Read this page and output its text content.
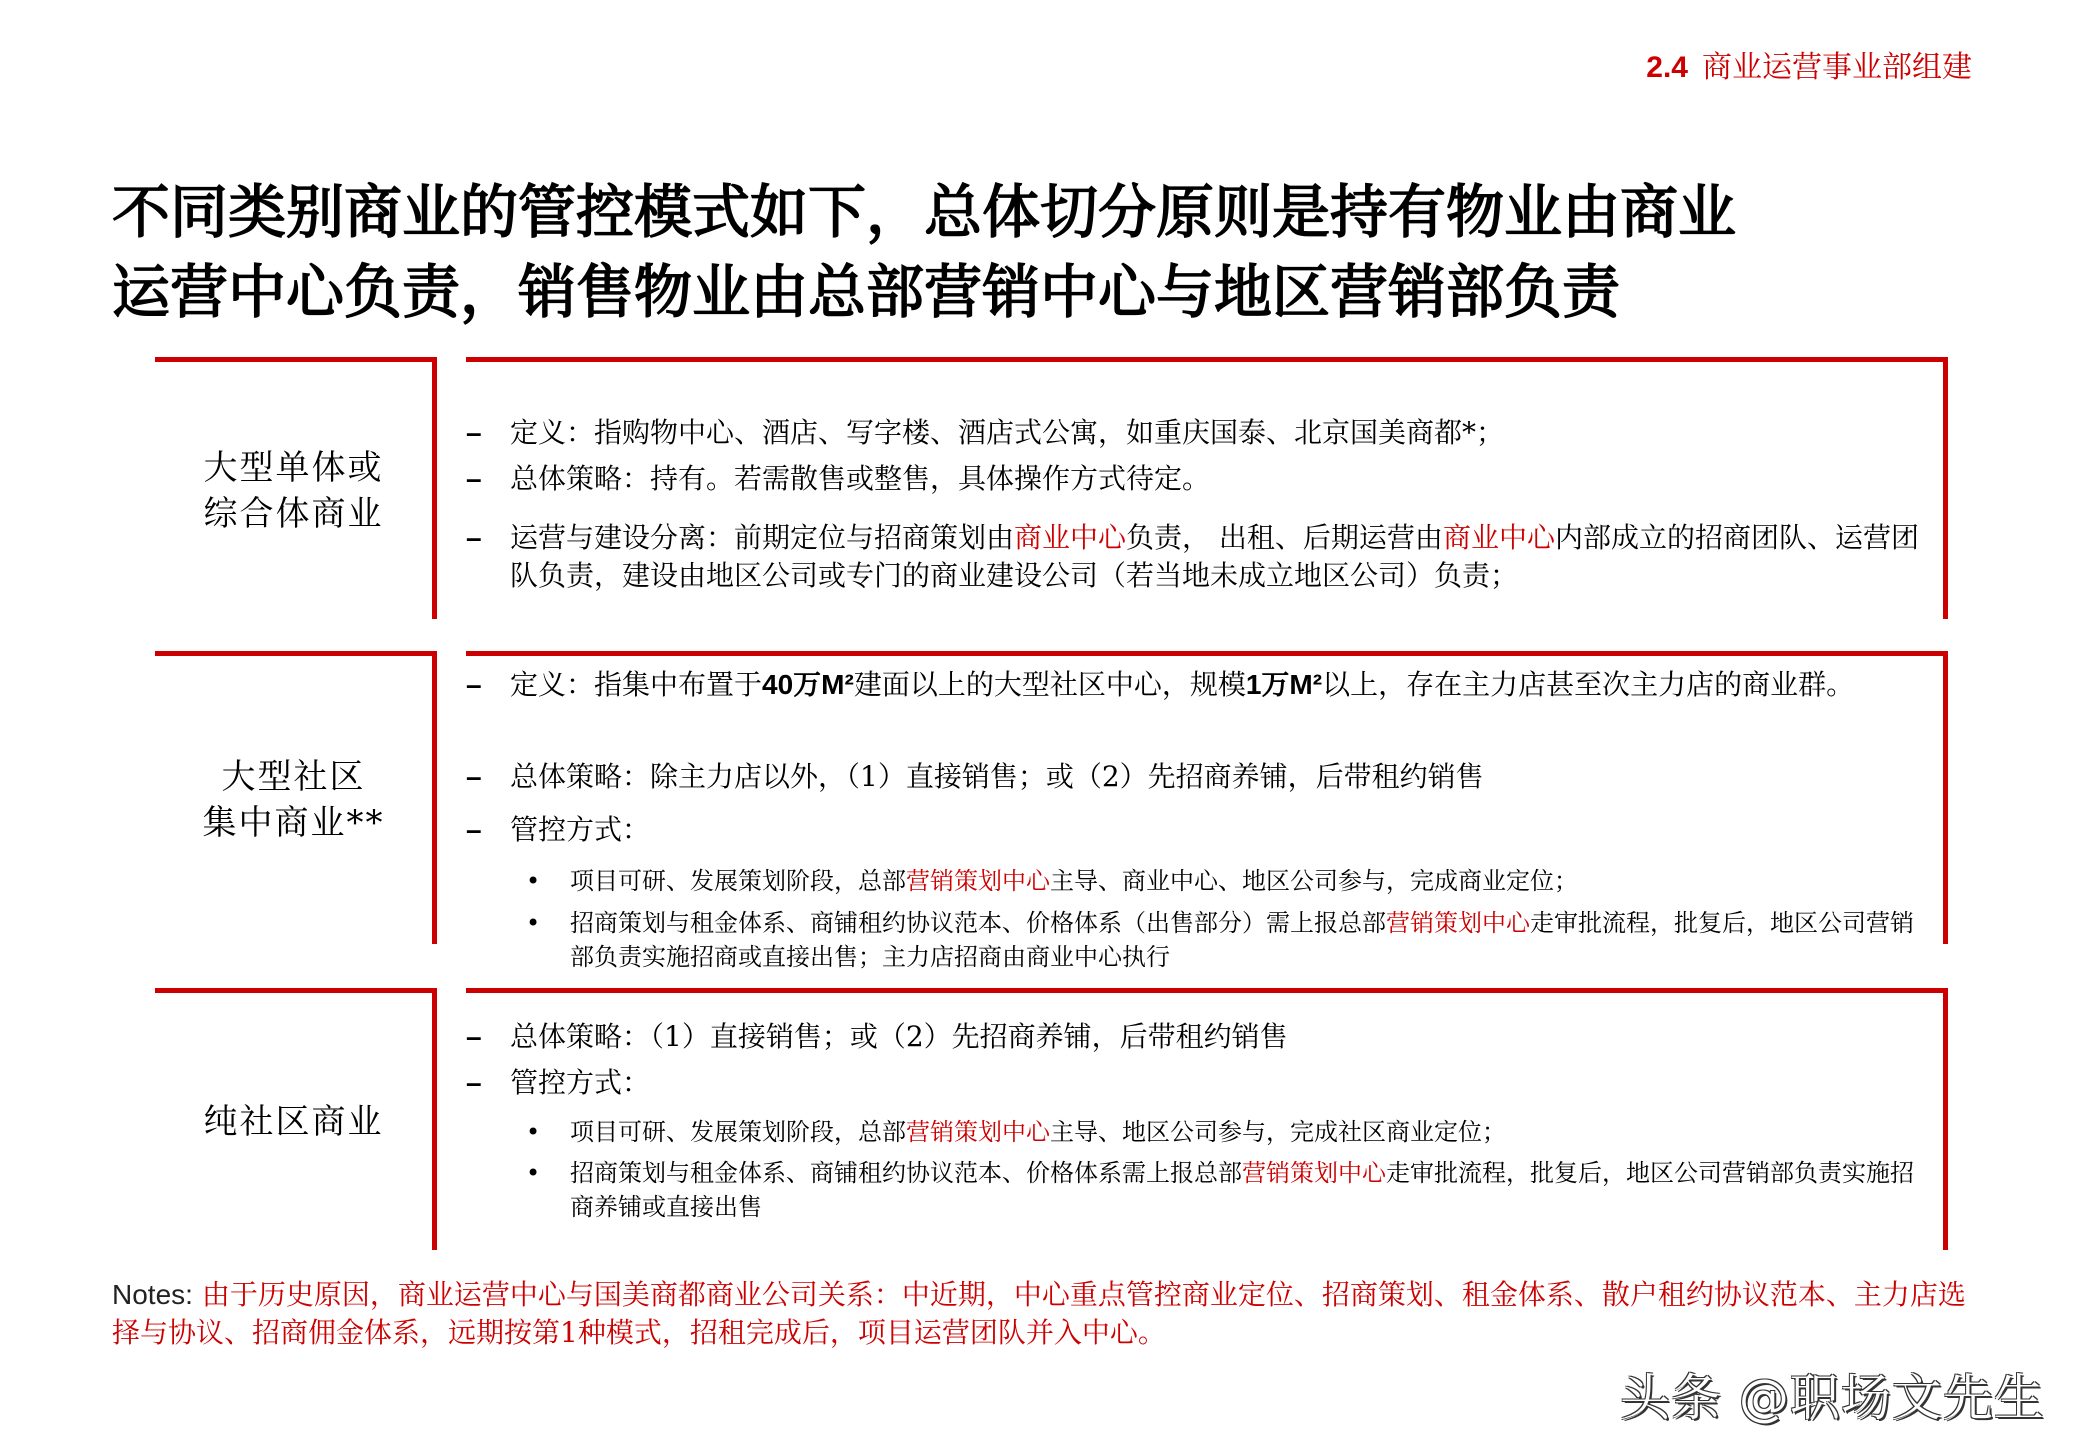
2.4 商业运营事业部组建
不同类别商业的管控模式如下，总体切分原则是持有物业由商业
运营中心负责，销售物业由总部营销中心与地区营销部负责
大型单体或
综合体商业
–	定义：指购物中心、酒店、写字楼、酒店式公寓，如重庆国泰、北京国美商都*；
–	总体策略：持有。若需散售或整售，具体操作方式待定。
–	运营与建设分离：前期定位与招商策划由商业中心负责， 出租、后期运营由商业中心内部成立的招商团队、运营团队负责，建设由地区公司或专门的商业建设公司（若当地未成立地区公司）负责；
大型社区
集中商业**
–	定义：指集中布置于40万M²建面以上的大型社区中心，规模1万M²以上，存在主力店甚至次主力店的商业群。
–	总体策略：除主力店以外，（1）直接销售；或（2）先招商养铺，后带租约销售
–	管控方式：
• 项目可研、发展策划阶段，总部营销策划中心主导、商业中心、地区公司参与，完成商业定位；
• 招商策划与租金体系、商铺租约协议范本、价格体系（出售部分）需上报总部营销策划中心走审批流程，批复后，地区公司营销部负责实施招商或直接出售；主力店招商由商业中心执行
纯社区商业
–	总体策略：（1）直接销售；或（2）先招商养铺，后带租约销售
–	管控方式：
• 项目可研、发展策划阶段，总部营销策划中心主导、地区公司参与，完成社区商业定位；
• 招商策划与租金体系、商铺租约协议范本、价格体系需上报总部营销策划中心走审批流程，批复后，地区公司营销部负责实施招商养铺或直接出售
Notes: 由于历史原因，商业运营中心与国美商都商业公司关系：中近期，中心重点管控商业定位、招商策划、租金体系、散户租约协议范本、主力店选择与协议、招商佣金体系，远期按第1种模式，招租完成后，项目运营团队并入中心。
头条 @职场文先生
